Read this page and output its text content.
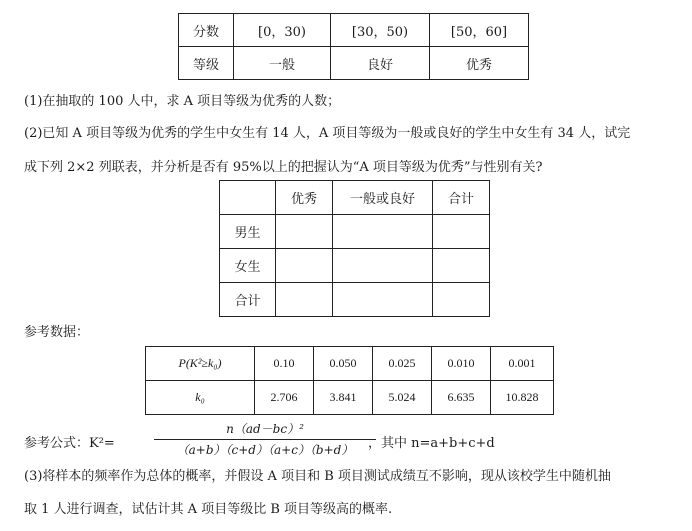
分数	[0，30)	[30，50)	[50，60]
等级	一般	良好	优秀
(1)在抽取的 100 人中，求 A 项目等级为优秀的人数；
(2)已知 A 项目等级为优秀的学生中女生有 14 人，A 项目等级为一般或良好的学生中女生有 34 人，试完
成下列 2×2 列联表，并分析是否有 95%以上的把握认为“A 项目等级为优秀”与性别有关?
	优秀	一般或良好	合计
男生			
女生			
合计			
参考数据：
P(K²≥k₀)	0.10	0.050	0.025	0.010	0.001
k₀	2.706	3.841	5.024	6.635	10.828
参考公式：K²=
n（ad－bc）²
（a+b）（c+d）（a+c）（b+d）	，其中 n=a+b+c+d
(3)将样本的频率作为总体的概率，并假设 A 项目和 B 项目测试成绩互不影响，现从该校学生中随机抽
取 1 人进行调查，试估计其 A 项目等级比 B 项目等级高的概率.
